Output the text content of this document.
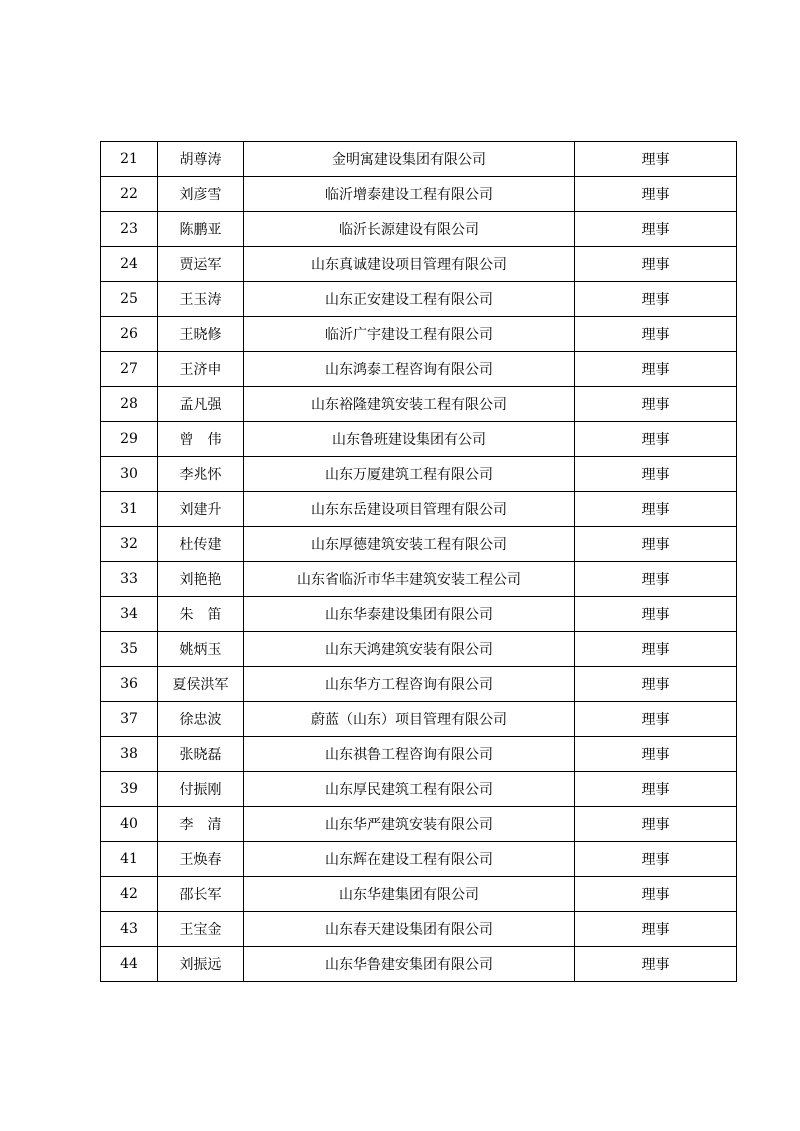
21	胡尊涛	金明寓建设集团有限公司	理事
22	刘彦雪	临沂增泰建设工程有限公司	理事
23	陈鹏亚	临沂长源建设有限公司	理事
24	贾运军	山东真诚建设项目管理有限公司	理事
25	王玉涛	山东正安建设工程有限公司	理事
26	王晓修	临沂广宇建设工程有限公司	理事
27	王济申	山东鸿泰工程咨询有限公司	理事
28	孟凡强	山东裕隆建筑安装工程有限公司	理事
29	曾　伟	山东鲁班建设集团有公司	理事
30	李兆怀	山东万厦建筑工程有限公司	理事
31	刘建升	山东东岳建设项目管理有限公司	理事
32	杜传建	山东厚德建筑安装工程有限公司	理事
33	刘艳艳	山东省临沂市华丰建筑安装工程公司	理事
34	朱　笛	山东华泰建设集团有限公司	理事
35	姚炳玉	山东天鸿建筑安装有限公司	理事
36	夏侯洪军	山东华方工程咨询有限公司	理事
37	徐忠波	蔚蓝（山东）项目管理有限公司	理事
38	张晓磊	山东祺鲁工程咨询有限公司	理事
39	付振刚	山东厚民建筑工程有限公司	理事
40	李　清	山东华严建筑安装有限公司	理事
41	王焕春	山东辉在建设工程有限公司	理事
42	邵长军	山东华建集团有限公司	理事
43	王宝金	山东春天建设集团有限公司	理事
44	刘振远	山东华鲁建安集团有限公司	理事
